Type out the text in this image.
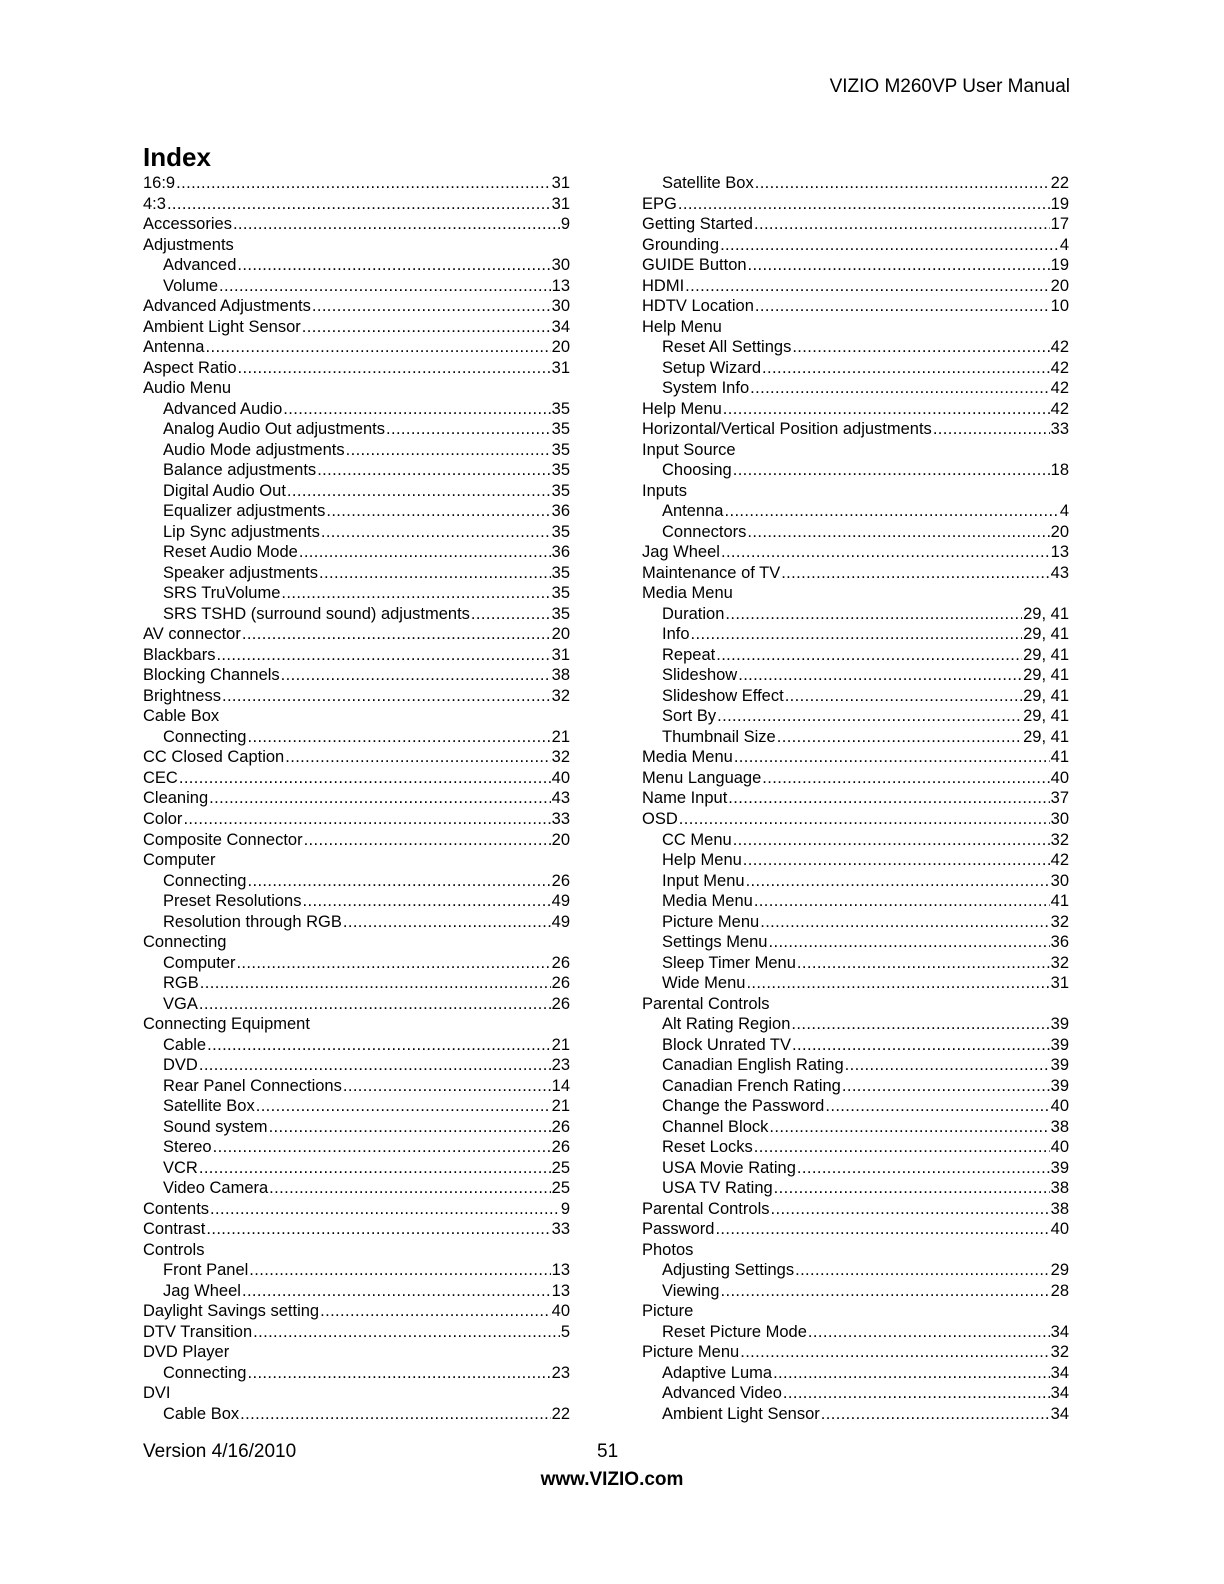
VIZIO M260VP User Manual
Index
16:9 .....	31
4:3 .....	31
Accessories .....	9
Adjustments
Advanced .....	30
Volume .....	13
Advanced Adjustments .....	30
Ambient Light Sensor .....	34
Antenna .....	20
Aspect Ratio .....	31
Audio Menu
Advanced Audio .....	35
Analog Audio Out adjustments .....	35
Audio Mode adjustments .....	35
Balance adjustments .....	35
Digital Audio Out .....	35
Equalizer adjustments .....	36
Lip Sync adjustments .....	35
Reset Audio Mode .....	36
Speaker adjustments .....	35
SRS TruVolume .....	35
SRS TSHD (surround sound) adjustments .....	35
AV connector .....	20
Blackbars .....	31
Blocking Channels .....	38
Brightness .....	32
Cable Box
Connecting .....	21
CC Closed Caption .....	32
CEC .....	40
Cleaning .....	43
Color .....	33
Composite Connector .....	20
Computer
Connecting .....	26
Preset Resolutions .....	49
Resolution through RGB .....	49
Connecting
Computer .....	26
RGB .....	26
VGA .....	26
Connecting Equipment
Cable .....	21
DVD .....	23
Rear Panel Connections .....	14
Satellite Box .....	21
Sound system .....	26
Stereo .....	26
VCR .....	25
Video Camera .....	25
Contents .....	9
Contrast .....	33
Controls
Front Panel .....	13
Jag Wheel .....	13
Daylight Savings setting .....	40
DTV Transition .....	5
DVD Player
Connecting .....	23
DVI
Cable Box .....	22
Satellite Box .....	22
EPG .....	19
Getting Started .....	17
Grounding .....	4
GUIDE Button .....	19
HDMI .....	20
HDTV Location .....	10
Help Menu
Reset All Settings .....	42
Setup Wizard .....	42
System Info .....	42
Help Menu .....	42
Horizontal/Vertical Position adjustments .....	33
Input Source
Choosing .....	18
Inputs
Antenna .....	4
Connectors .....	20
Jag Wheel .....	13
Maintenance of TV .....	43
Media Menu
Duration .....	29, 41
Info .....	29, 41
Repeat .....	29, 41
Slideshow .....	29, 41
Slideshow Effect .....	29, 41
Sort By .....	29, 41
Thumbnail Size .....	29, 41
Media Menu .....	41
Menu Language .....	40
Name Input .....	37
OSD .....	30
CC Menu .....	32
Help Menu .....	42
Input Menu .....	30
Media Menu .....	41
Picture Menu .....	32
Settings Menu .....	36
Sleep Timer Menu .....	32
Wide Menu .....	31
Parental Controls
Alt Rating Region .....	39
Block Unrated TV .....	39
Canadian English Rating .....	39
Canadian French Rating .....	39
Change the Password .....	40
Channel Block .....	38
Reset Locks .....	40
USA Movie Rating .....	39
USA TV Rating .....	38
Parental Controls .....	38
Password .....	40
Photos
Adjusting Settings .....	29
Viewing .....	28
Picture
Reset Picture Mode .....	34
Picture Menu .....	32
Adaptive Luma .....	34
Advanced Video .....	34
Ambient Light Sensor .....	34
Version 4/16/2010	51
www.VIZIO.com
